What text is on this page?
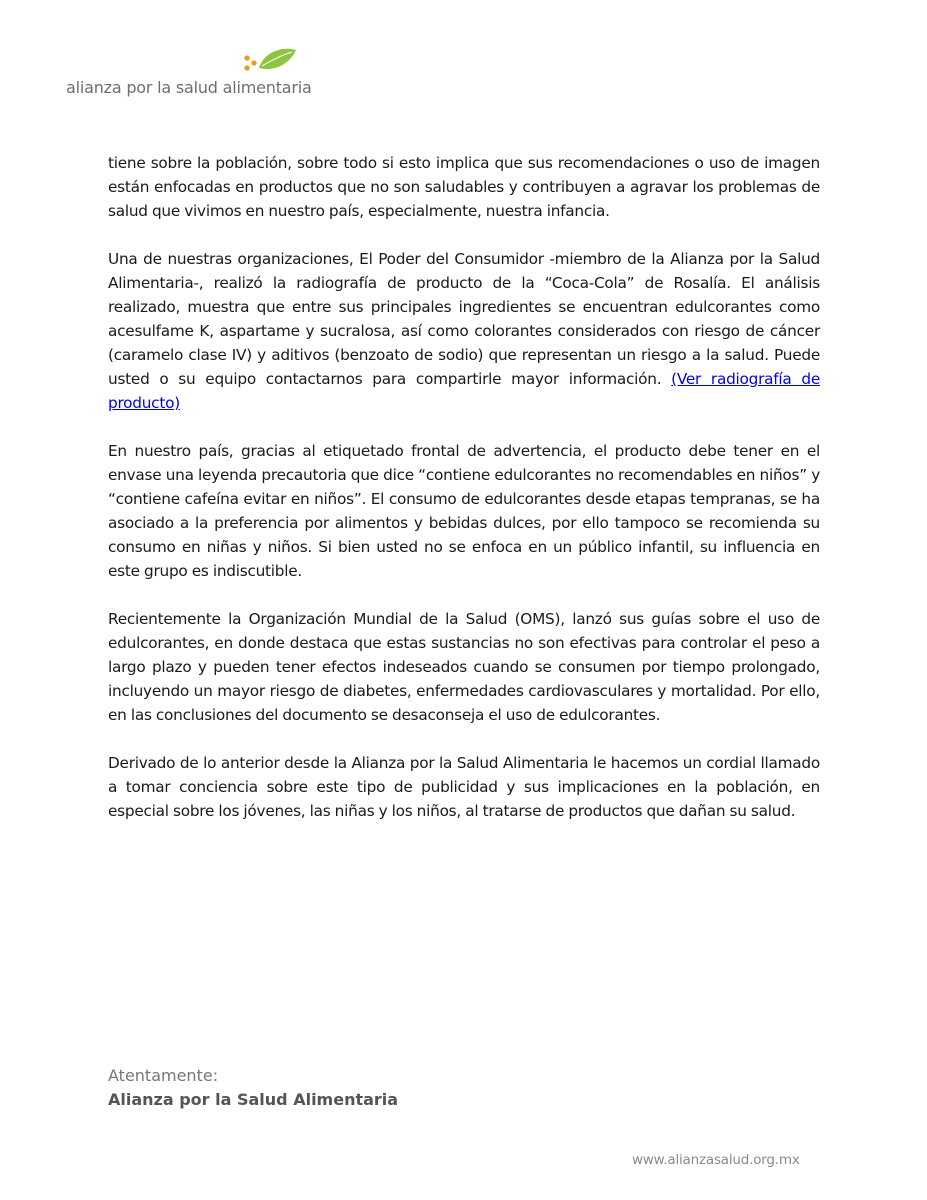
alianza por la salud alimentaria

tiene sobre la población, sobre todo si esto implica que sus recomendaciones o uso de imagen están enfocadas en productos que no son saludables y contribuyen a agravar los problemas de salud que vivimos en nuestro país, especialmente, nuestra infancia.

Una de nuestras organizaciones, El Poder del Consumidor -miembro de la Alianza por la Salud Alimentaria-, realizó la radiografía de producto de la “Coca-Cola” de Rosalía. El análisis realizado, muestra que entre sus principales ingredientes se encuentran edulcorantes como acesulfame K, aspartame y sucralosa, así como colorantes considerados con riesgo de cáncer (caramelo clase IV) y aditivos (benzoato de sodio) que representan un riesgo a la salud. Puede usted o su equipo contactarnos para compartirle mayor información. (Ver radiografía de producto)

En nuestro país, gracias al etiquetado frontal de advertencia, el producto debe tener en el envase una leyenda precautoria que dice “contiene edulcorantes no recomendables en niños” y “contiene cafeína evitar en niños”. El consumo de edulcorantes desde etapas tempranas, se ha asociado a la preferencia por alimentos y bebidas dulces, por ello tampoco se recomienda su consumo en niñas y niños. Si bien usted no se enfoca en un público infantil, su influencia en este grupo es indiscutible.

Recientemente la Organización Mundial de la Salud (OMS), lanzó sus guías sobre el uso de edulcorantes, en donde destaca que estas sustancias no son efectivas para controlar el peso a largo plazo y pueden tener efectos indeseados cuando se consumen por tiempo prolongado, incluyendo un mayor riesgo de diabetes, enfermedades cardiovasculares y mortalidad. Por ello, en las conclusiones del documento se desaconseja el uso de edulcorantes.

Derivado de lo anterior desde la Alianza por la Salud Alimentaria le hacemos un cordial llamado a tomar conciencia sobre este tipo de publicidad y sus implicaciones en la población, en especial sobre los jóvenes, las niñas y los niños, al tratarse de productos que dañan su salud.

Atentamente:
Alianza por la Salud Alimentaria
www.alianzasalud.org.mx
